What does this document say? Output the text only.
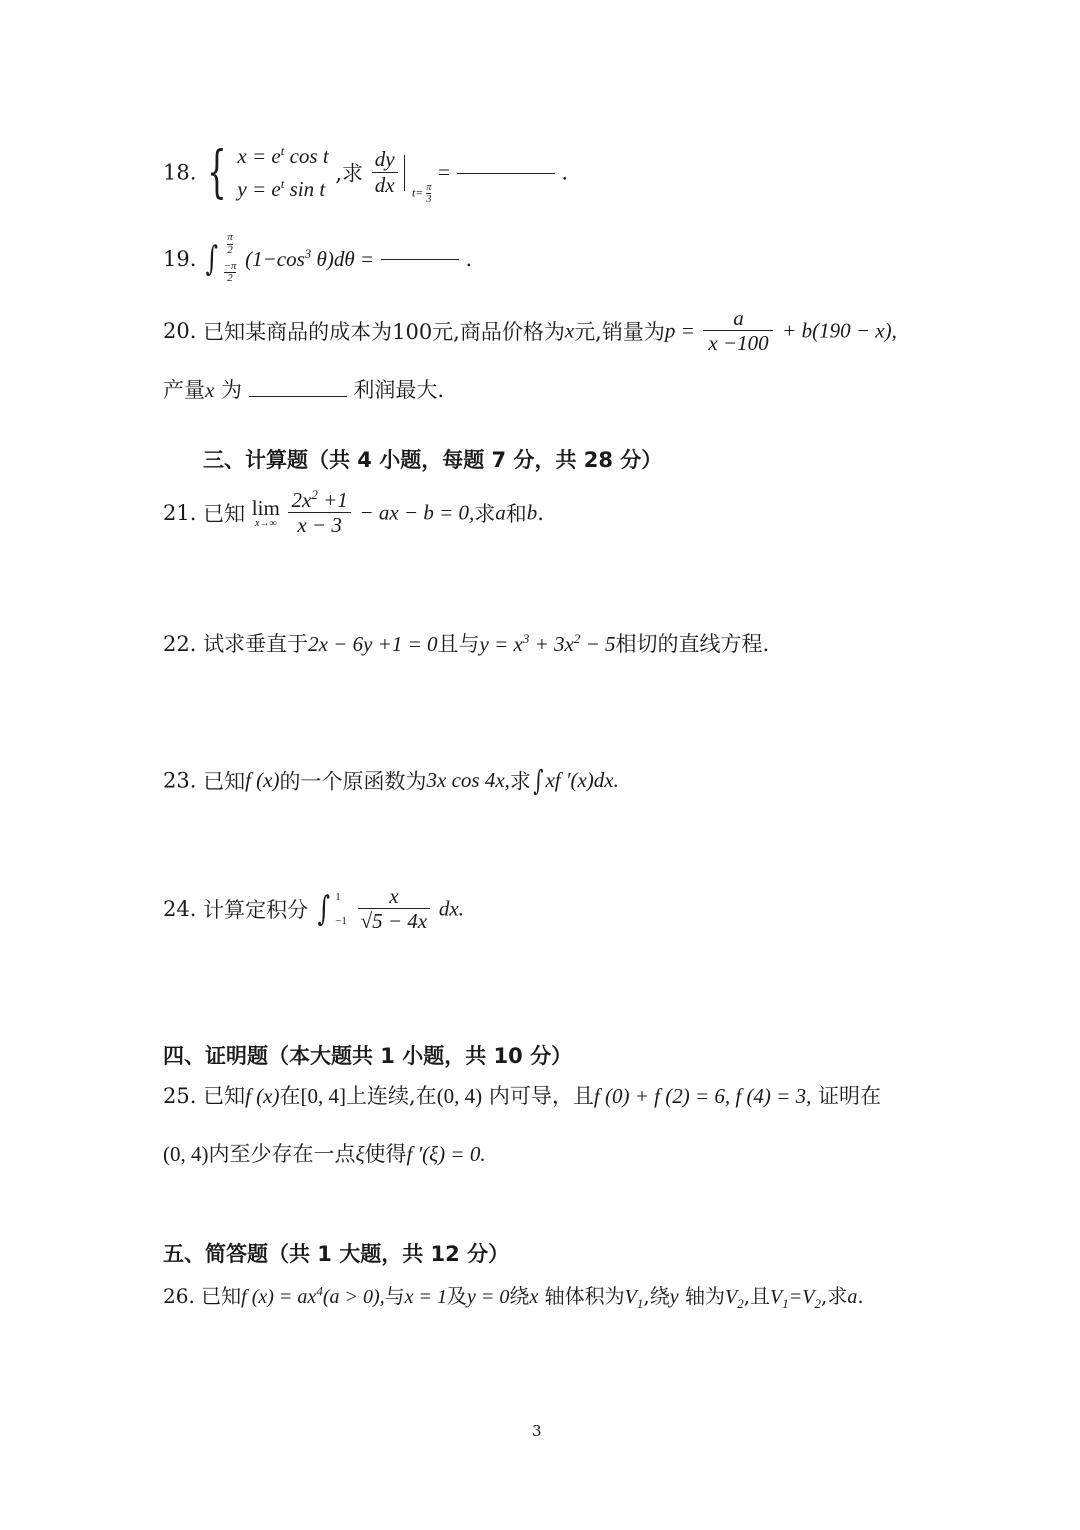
18. { $x = e^t$ cos t
$y = e^t$ sin t
,求 $\frac{dy}{dx} t= \frac{\pi}{3}$
=	.
19. ∫ $\frac{\pi}{2}$
$\frac{-\pi}{2}$
($1-\cos^3$ θ)dθ =	.
20. 已知某商品的成本为100元,商品价格为x元,销量为$p = \frac{a}{x -100} + b(190 - x)$,
产量x 为	利润最大.
三、计算题（共 4 小题，每题 7 分，共 28 分）
21. 已知 lim
x→∞
$\frac{2x^2 +1}{x - 3}$ − ax − b = 0,求a和b.
22. 试求垂直于2x − 6y +1 = 0且与$y = x^3 + 3x^2 - 5$相切的直线方程.
23. 已知f (x)的一个原函数为3x cos 4x,求∫ xf ′(x)dx.
24. 计算定积分 ∫ 1
−1
$\frac{x}{√5 - 4x}$ dx.
四、证明题（本大题共 1 小题，共 10 分）
25. 已知f (x)在[0, 4]上连续,在(0, 4) 内可导，且f (0) + f (2) = 6, f (4) = 3, 证明在
(0, 4)内至少存在一点ξ使得f ′(ξ) = 0.
五、简答题（共 1 大题，共 12 分）
26. 已知f $(x) = ax^4(a > 0)$,与x = 1及y = 0绕x 轴体积为$V_1$,绕y 轴为$V_2$,且$V_1=V_2$,求a.
3
